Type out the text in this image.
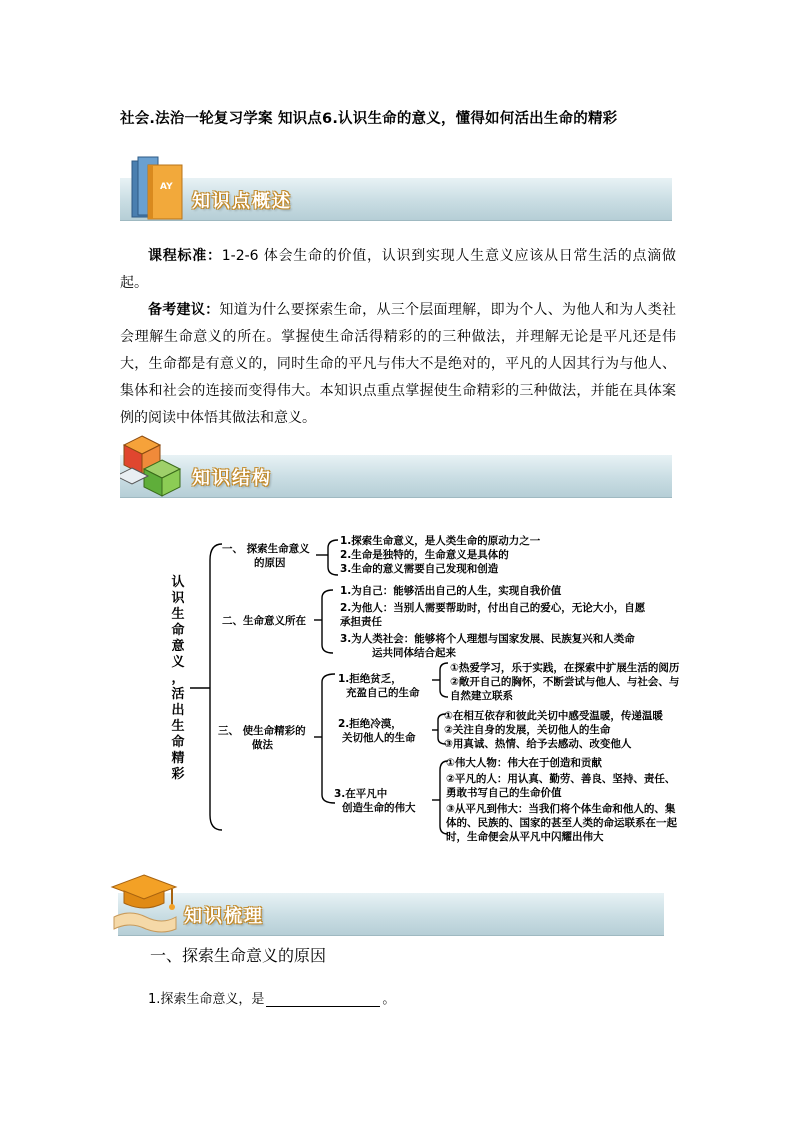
社会.法治一轮复习学案 知识点6.认识生命的意义，懂得如何活出生命的精彩
知识点概述
AY

课程标准：1-2-6 体会生命的价值，认识到实现人生意义应该从日常生活的点滴做起。

备考建议：知道为什么要探索生命，从三个层面理解，即为个人、为他人和为人类社会理解生命意义的所在。掌握使生命活得精彩的的三种做法，并理解无论是平凡还是伟大，生命都是有意义的，同时生命的平凡与伟大不是绝对的，平凡的人因其行为与他人、集体和社会的连接而变得伟大。本知识点重点掌握使生命精彩的三种做法，并能在具体案例的阅读中体悟其做法和意义。

知识结构
认
识
生
命
意
义
，
活
出
生
命
精
彩
一、 探索生命意义
的原因
1.探索生命意义，是人类生命的原动力之一
2.生命是独特的，生命意义是具体的
3.生命的意义需要自己发现和创造
二、生命意义所在
1.为自己：能够活出自己的人生，实现自我价值
2.为他人：当别人需要帮助时，付出自己的爱心，无论大小，自愿
承担责任
3.为人类社会：能够将个人理想与国家发展、民族复兴和人类命
运共同体结合起来
三、 使生命精彩的
做法
1.拒绝贫乏，
充盈自己的生命
①热爱学习，乐于实践，在探索中扩展生活的阅历
②敞开自己的胸怀，不断尝试与他人、与社会、与
自然建立联系
2.拒绝冷漠，
关切他人的生命
①在相互依存和彼此关切中感受温暖，传递温暖
②关注自身的发展，关切他人的生命
③用真诚、热情、给予去感动、改变他人
3.在平凡中
创造生命的伟大
①伟大人物：伟大在于创造和贡献
②平凡的人：用认真、勤劳、善良、坚持、责任、
勇敢书写自己的生命价值
③从平凡到伟大：当我们将个体生命和他人的、集
体的、民族的、国家的甚至人类的命运联系在一起
时，生命便会从平凡中闪耀出伟大
知识梳理
一、探索生命意义的原因
1.探索生命意义，是	。
